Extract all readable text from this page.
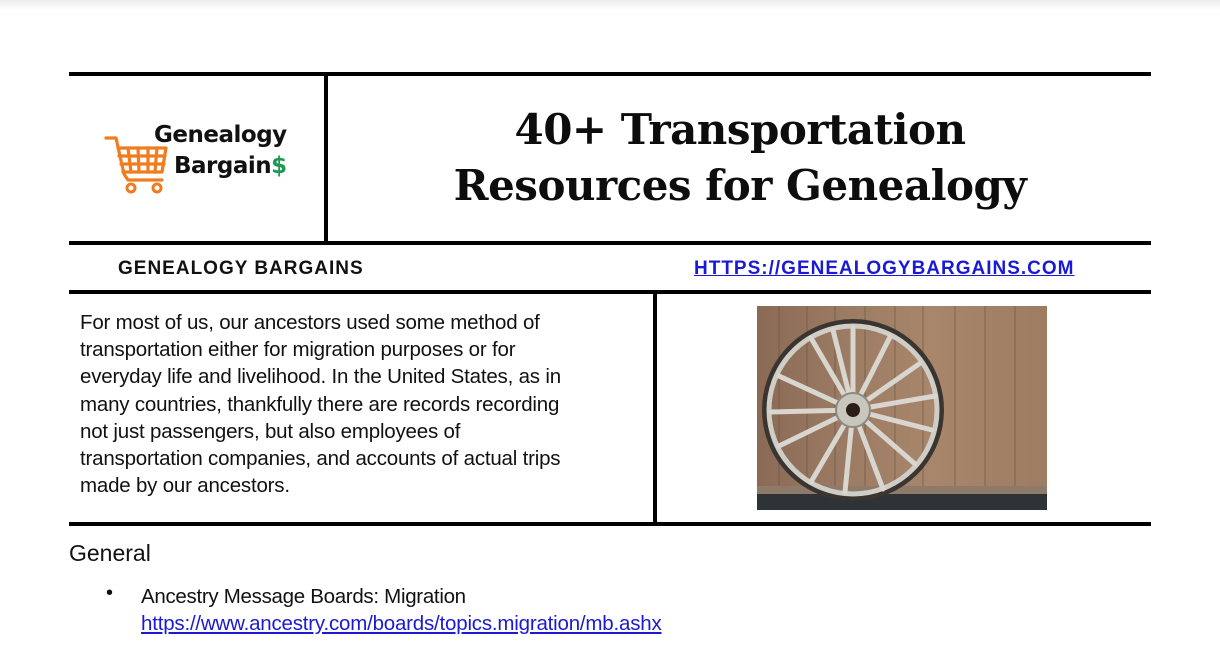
Genealogy
Bargain$
40+ Transportation
Resources for Genealogy
GENEALOGY BARGAINS	HTTPS://GENEALOGYBARGAINS.COM
For most of us, our ancestors used some method of
transportation either for migration purposes or for
everyday life and livelihood. In the United States, as in
many countries, thankfully there are records recording
not just passengers, but also employees of
transportation companies, and accounts of actual trips
made by our ancestors.
General
• Ancestry Message Boards: Migration
https://www.ancestry.com/boards/topics.migration/mb.ashx
